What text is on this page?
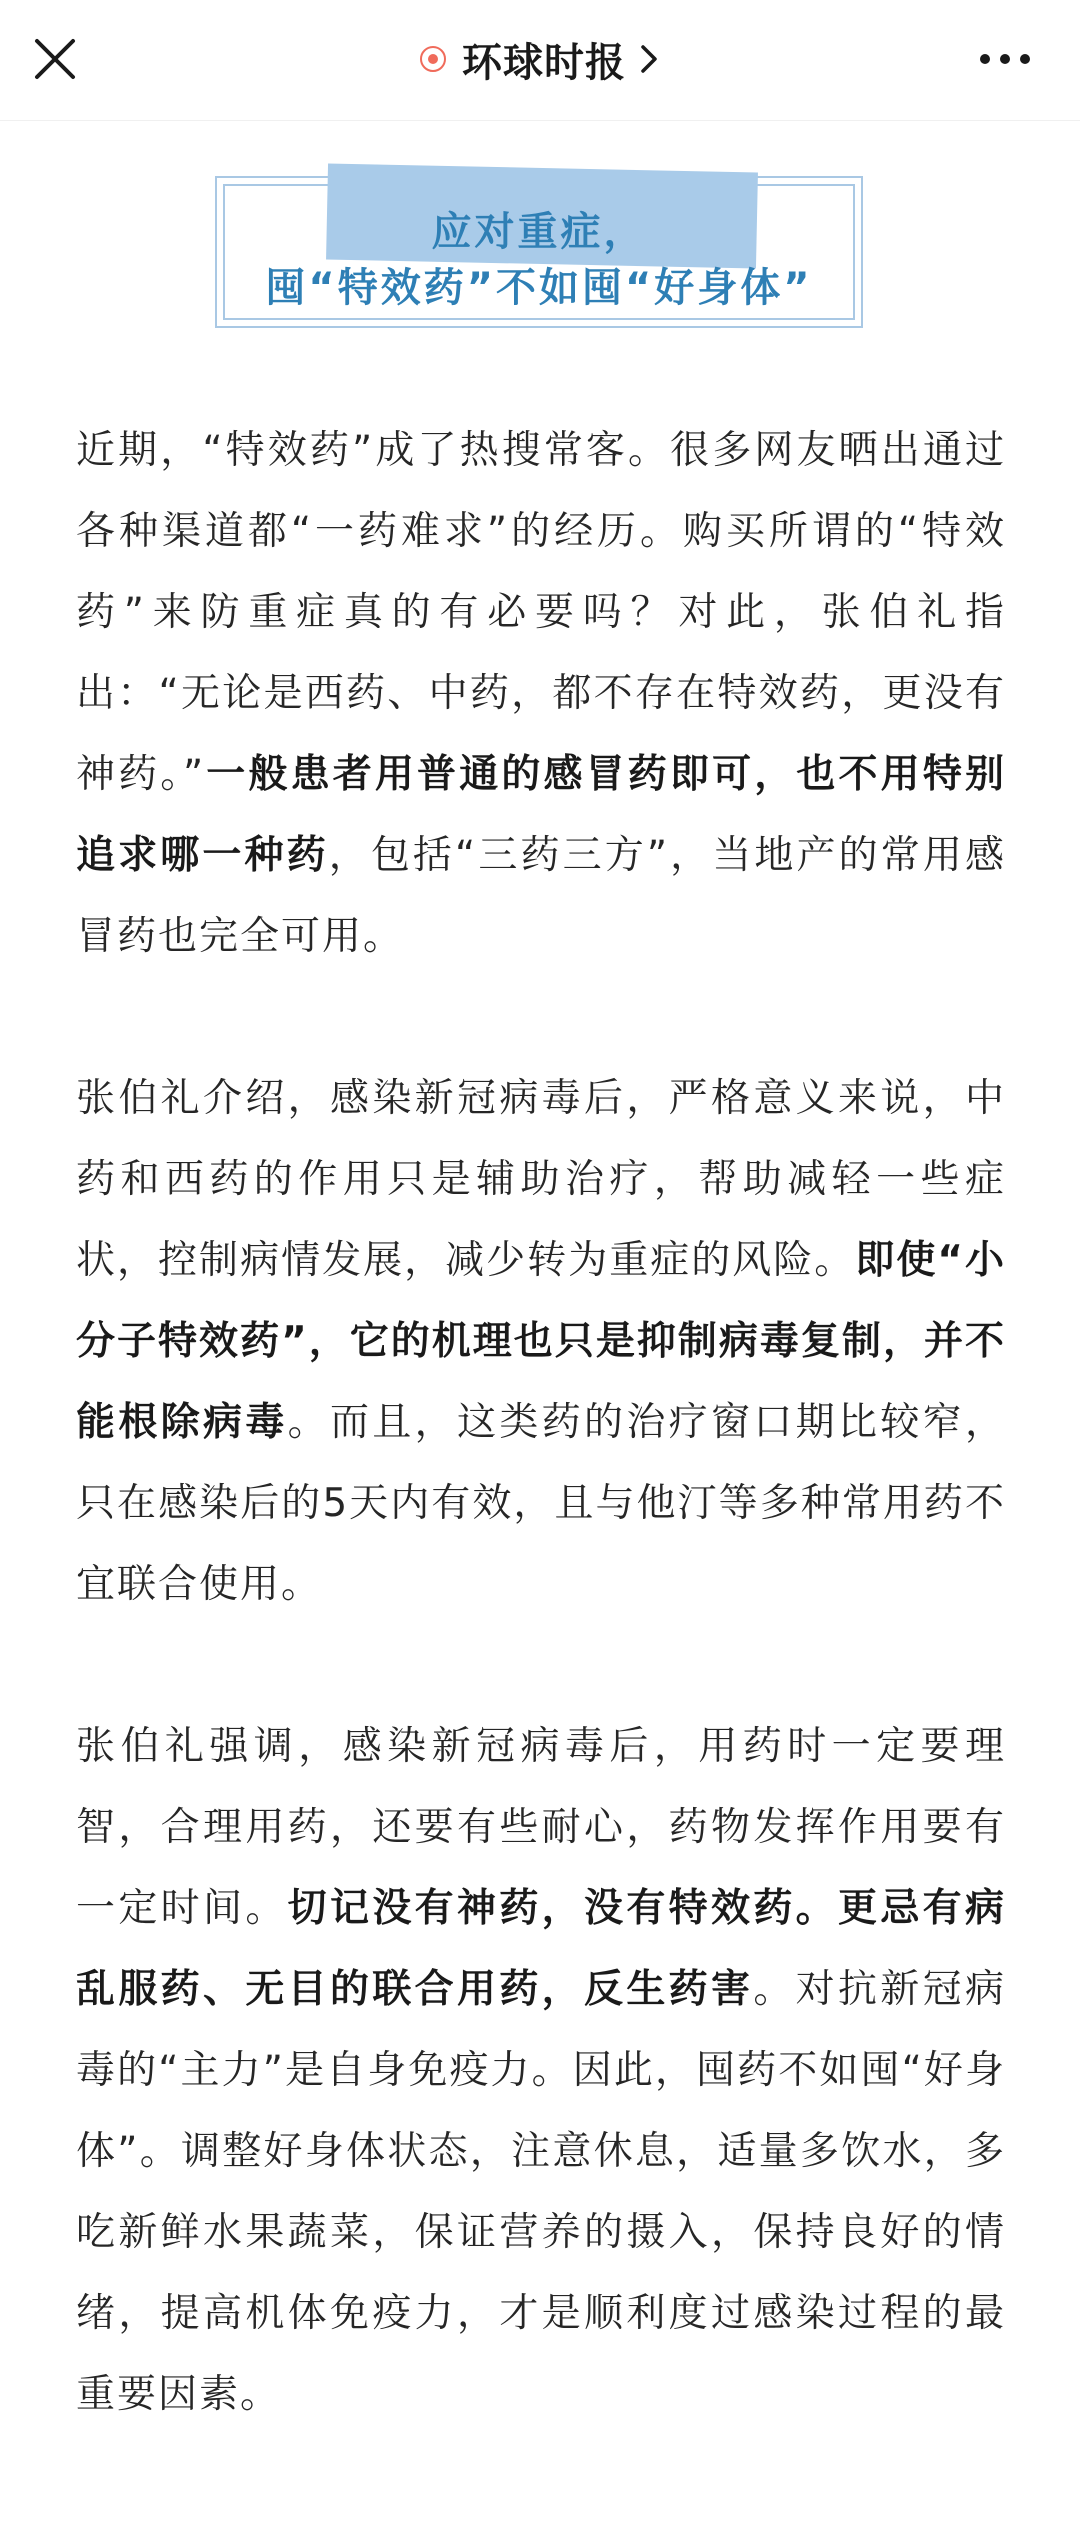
环球时报
应对重症，
囤“特效药”不如囤“好身体”

近期，“特效药”成了热搜常客。很多网友晒出通过各种渠道都“一药难求”的经历。购买所谓的“特效药”来防重症真的有必要吗？对此，张伯礼指出：“无论是西药、中药，都不存在特效药，更没有神药。”一般患者用普通的感冒药即可，也不用特别追求哪一种药，包括“三药三方”，当地产的常用感冒药也完全可用。

张伯礼介绍，感染新冠病毒后，严格意义来说，中药和西药的作用只是辅助治疗，帮助减轻一些症状，控制病情发展，减少转为重症的风险。即使“小分子特效药”，它的机理也只是抑制病毒复制，并不能根除病毒。而且，这类药的治疗窗口期比较窄，只在感染后的5天内有效，且与他汀等多种常用药不宜联合使用。

张伯礼强调，感染新冠病毒后，用药时一定要理智，合理用药，还要有些耐心，药物发挥作用要有一定时间。切记没有神药，没有特效药。更忌有病乱服药、无目的联合用药，反生药害。对抗新冠病毒的“主力”是自身免疫力。因此，囤药不如囤“好身体”。调整好身体状态，注意休息，适量多饮水，多吃新鲜水果蔬菜，保证营养的摄入，保持良好的情绪，提高机体免疫力，才是顺利度过感染过程的最重要因素。
